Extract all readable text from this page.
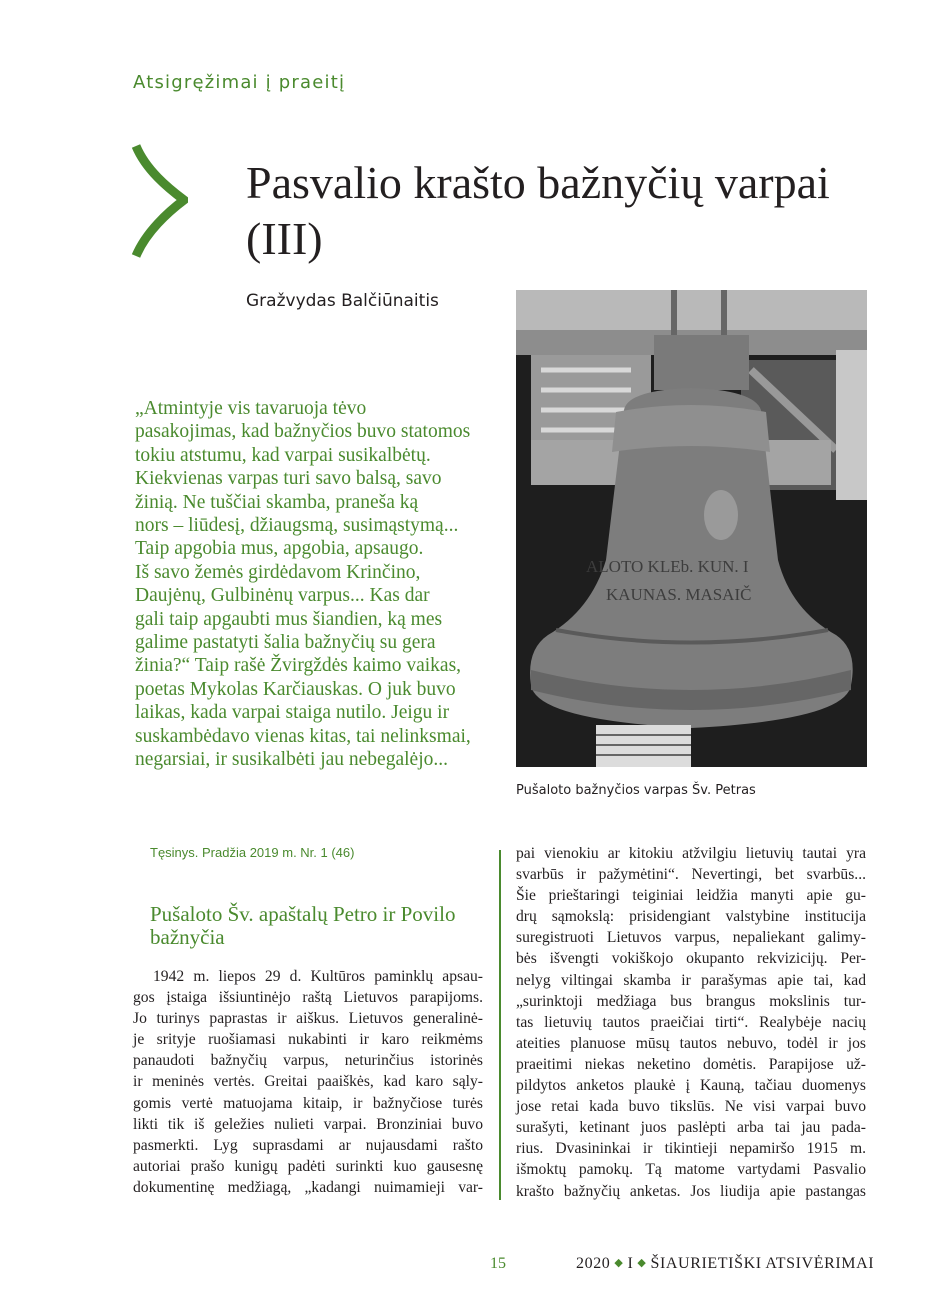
Atsigręžimai į praeitį
Pasvalio krašto bažnyčių varpai
(III)
Gražvydas Balčiūnaitis
„Atmintyje vis tavaruoja tėvo
pasakojimas, kad bažnyčios buvo statomos
tokiu atstumu, kad varpai susikalbėtų.
Kiekvienas varpas turi savo balsą, savo
žinią. Ne tuščiai skamba, praneša ką
nors – liūdesį, džiaugsmą, susimąstymą...
Taip apgobia mus, apgobia, apsaugo.
Iš savo žemės girdėdavom Krinčino,
Daujėnų, Gulbinėnų varpus... Kas dar
gali taip apgaubti mus šiandien, ką mes
galime pastatyti šalia bažnyčių su gera
žinia?“ Taip rašė Žvirgždės kaimo vaikas,
poetas Mykolas Karčiauskas. O juk buvo
laikas, kada varpai staiga nutilo. Jeigu ir
suskambėdavo vienas kitas, tai nelinksmai,
negarsiai, ir susikalbėti jau nebegalėjo...
ALOTO KLEb. KUN. I
KAUNAS. MASAIČ
Pušaloto bažnyčios varpas Šv. Petras
Tęsinys. Pradžia 2019 m. Nr. 1 (46)
Pušaloto Šv. apaštalų Petro ir Povilo bažnyčia
1942 m. liepos 29 d. Kultūros paminklų apsau-
gos įstaiga išsiuntinėjo raštą Lietuvos parapijoms.
Jo turinys paprastas ir aiškus. Lietuvos generalinė-
je srityje ruošiamasi nukabinti ir karo reikmėms
panaudoti bažnyčių varpus, neturinčius istorinės
ir meninės vertės. Greitai paaiškės, kad karo sąly-
gomis vertė matuojama kitaip, ir bažnyčiose turės
likti tik iš geležies nulieti varpai. Bronziniai buvo
pasmerkti. Lyg suprasdami ar nujausdami rašto
autoriai prašo kunigų padėti surinkti kuo gausesnę
dokumentinę medžiagą, „kadangi nuimamieji var-
pai vienokiu ar kitokiu atžvilgiu lietuvių tautai yra
svarbūs ir pažymėtini“. Nevertingi, bet svarbūs...
Šie prieštaringi teiginiai leidžia manyti apie gu-
drų sąmokslą: prisidengiant valstybine institucija
suregistruoti Lietuvos varpus, nepaliekant galimy-
bės išvengti vokiškojo okupanto rekvizicijų. Per-
nelyg viltingai skamba ir parašymas apie tai, kad
„surinktoji medžiaga bus brangus mokslinis tur-
tas lietuvių tautos praeičiai tirti“. Realybėje nacių
ateities planuose mūsų tautos nebuvo, todėl ir jos
praeitimi niekas neketino domėtis. Parapijose už-
pildytos anketos plaukė į Kauną, tačiau duomenys
jose retai kada buvo tikslūs. Ne visi varpai buvo
surašyti, ketinant juos paslėpti arba tai jau pada-
rius. Dvasininkai ir tikintieji nepamiršo 1915 m.
išmoktų pamokų. Tą matome vartydami Pasvalio
krašto bažnyčių anketas. Jos liudija apie pastangas
15	2020 ◆ I ◆ ŠIAURIETIŠKI ATSIVĖRIMAI
